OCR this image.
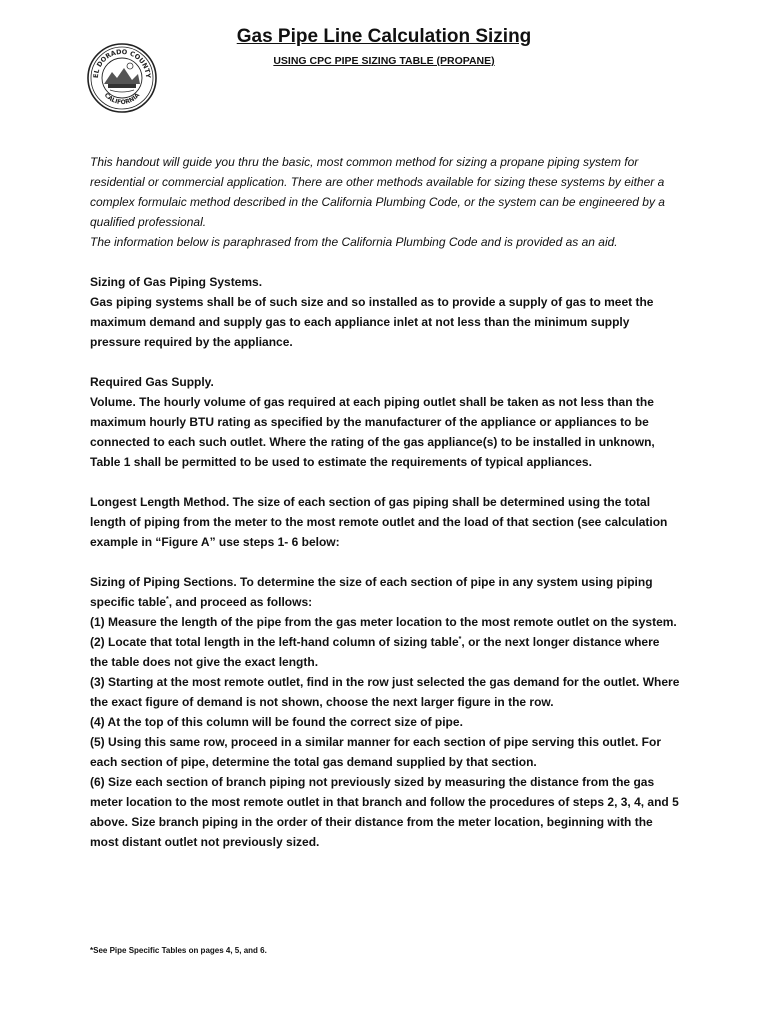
EL DORADO COUNTY
CALIFORNIA
Gas Pipe Line Calculation Sizing
USING CPC PIPE SIZING TABLE (PROPANE)

This handout will guide you thru the basic, most common method for sizing a propane piping system for residential or commercial application. There are other methods available for sizing these systems by either a complex formulaic method described in the California Plumbing Code, or the system can be engineered by a qualified professional.

The information below is paraphrased from the California Plumbing Code and is provided as an aid.

Sizing of Gas Piping Systems.

Gas piping systems shall be of such size and so installed as to provide a supply of gas to meet the maximum demand and supply gas to each appliance inlet at not less than the minimum supply pressure required by the appliance.

Required Gas Supply.

Volume. The hourly volume of gas required at each piping outlet shall be taken as not less than the maximum hourly BTU rating as specified by the manufacturer of the appliance or appliances to be connected to each such outlet. Where the rating of the gas appliance(s) to be installed in unknown, Table 1 shall be permitted to be used to estimate the requirements of typical appliances.

Longest Length Method. The size of each section of gas piping shall be determined using the total length of piping from the meter to the most remote outlet and the load of that section (see calculation example in “Figure A” use steps 1- 6 below:

Sizing of Piping Sections. To determine the size of each section of pipe in any system using piping specific table*, and proceed as follows:

(1) Measure the length of the pipe from the gas meter location to the most remote outlet on the system.

(2) Locate that total length in the left-hand column of sizing table*, or the next longer distance where the table does not give the exact length.

(3) Starting at the most remote outlet, find in the row just selected the gas demand for the outlet. Where the exact figure of demand is not shown, choose the next larger figure in the row.

(4) At the top of this column will be found the correct size of pipe.

(5) Using this same row, proceed in a similar manner for each section of pipe serving this outlet. For each section of pipe, determine the total gas demand supplied by that section.

(6) Size each section of branch piping not previously sized by measuring the distance from the gas meter location to the most remote outlet in that branch and follow the procedures of steps 2, 3, 4, and 5 above. Size branch piping in the order of their distance from the meter location, beginning with the most distant outlet not previously sized.

*See Pipe Specific Tables on pages 4, 5, and 6.
